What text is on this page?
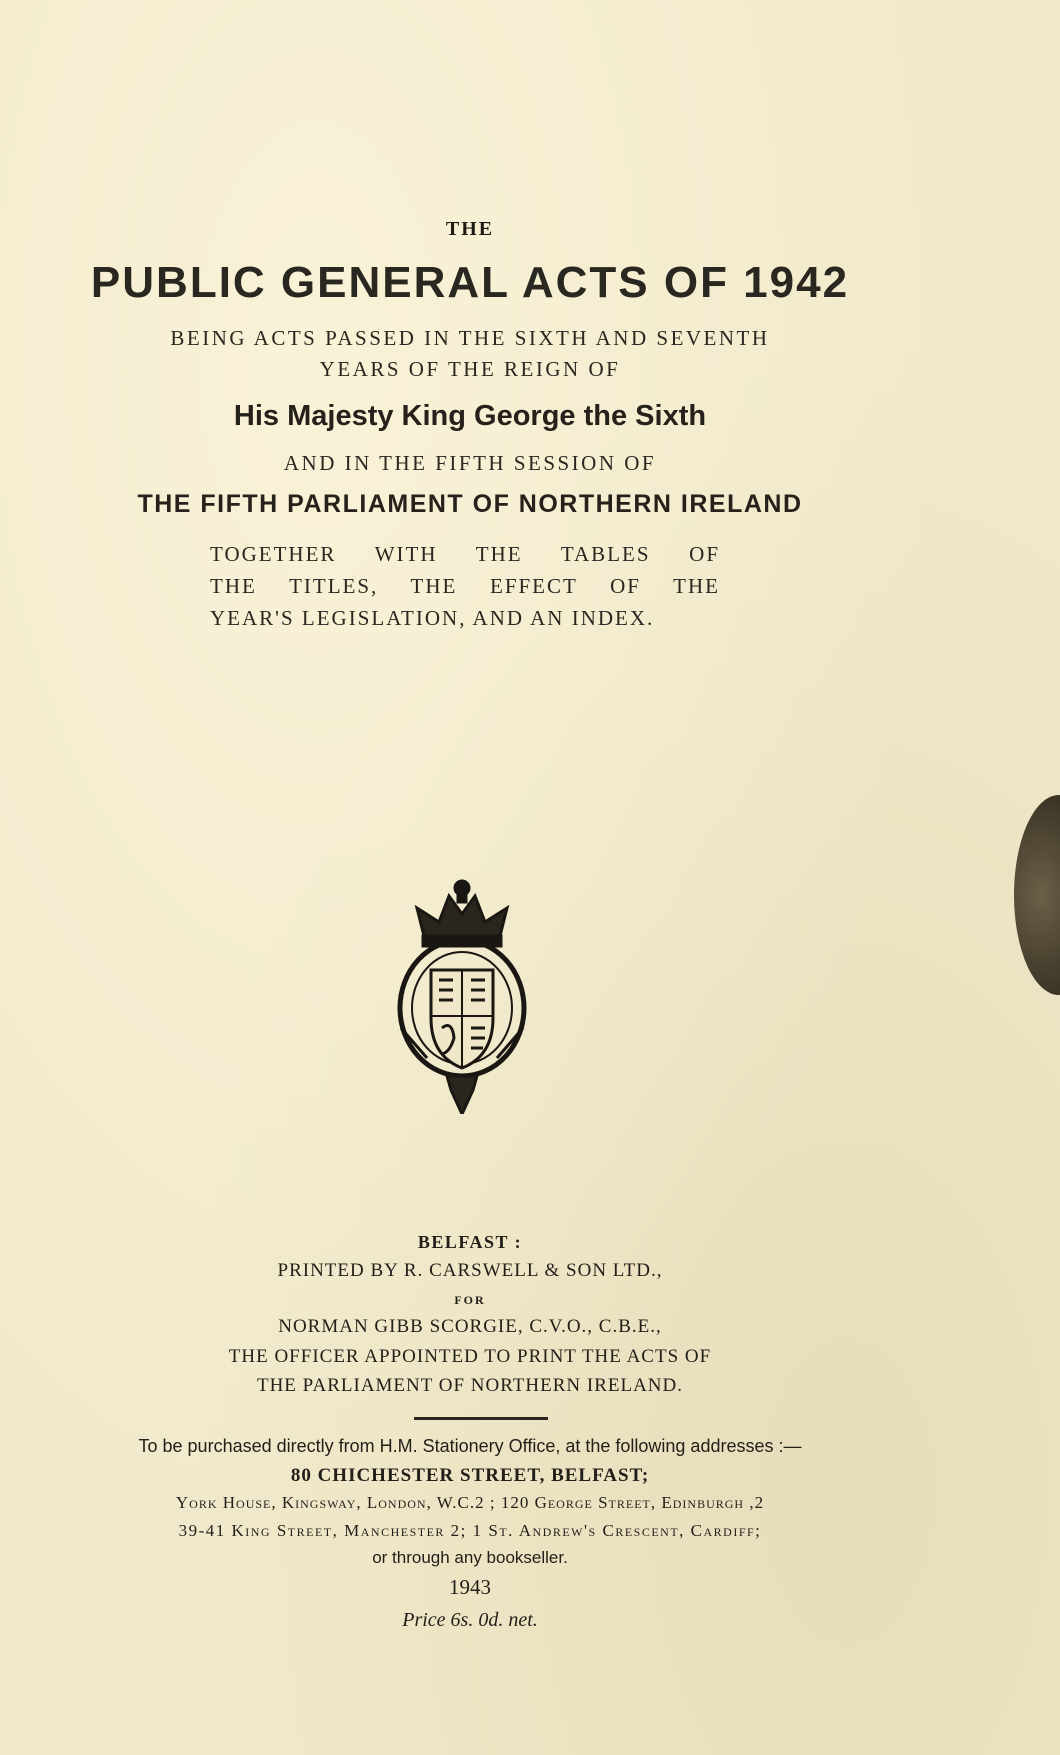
THE
PUBLIC GENERAL ACTS OF 1942
BEING ACTS PASSED IN THE SIXTH AND SEVENTH
YEARS OF THE REIGN OF
His Majesty King George the Sixth
AND IN THE FIFTH SESSION OF
THE FIFTH PARLIAMENT OF NORTHERN IRELAND
TOGETHER WITH THE TABLES OF
THE TITLES, THE EFFECT OF THE
YEAR'S LEGISLATION, AND AN INDEX.
BELFAST :
PRINTED BY R. CARSWELL & SON LTD.,
FOR
NORMAN GIBB SCORGIE, C.V.O., C.B.E.,
THE OFFICER APPOINTED TO PRINT THE ACTS OF
THE PARLIAMENT OF NORTHERN IRELAND.
To be purchased directly from H.M. Stationery Office, at the following addresses :—
80 CHICHESTER STREET, BELFAST;
York House, Kingsway, London, W.C.2 ; 120 George Street, Edinburgh ,2
39-41 King Street, Manchester 2; 1 St. Andrew's Crescent, Cardiff;
or through any bookseller.
1943
Price 6s. 0d. net.
